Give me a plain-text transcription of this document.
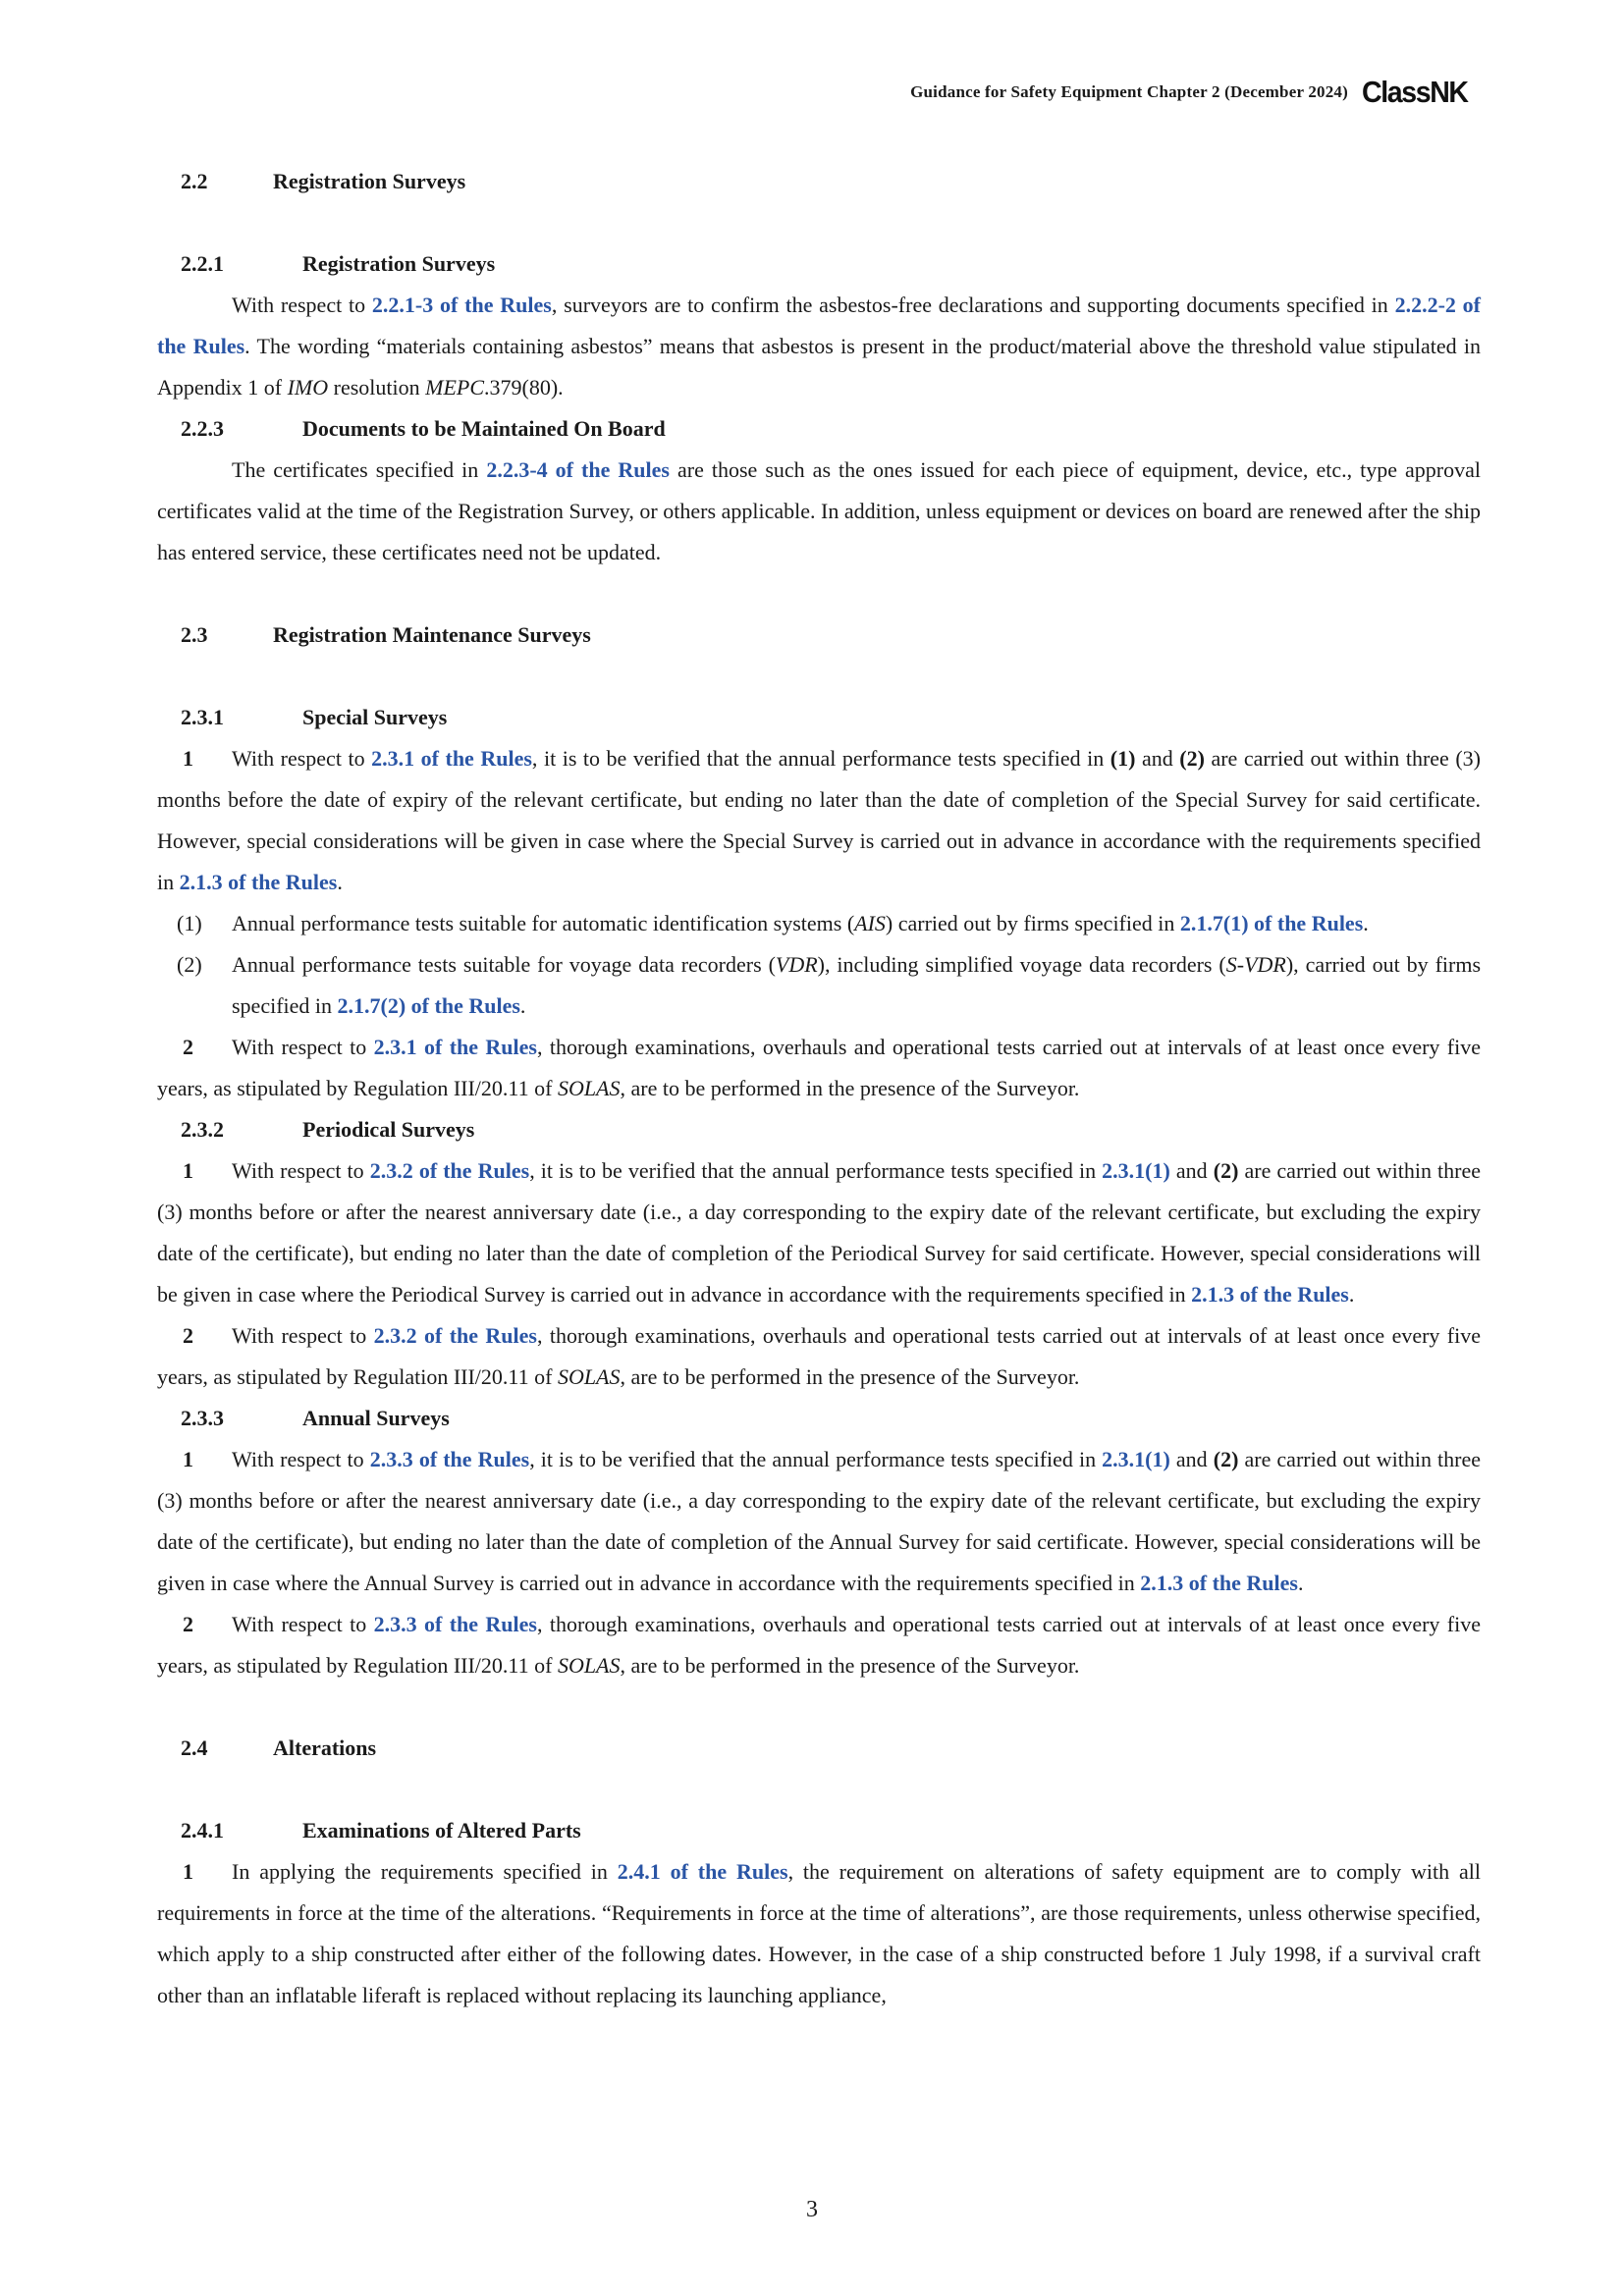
Guidance for Safety Equipment Chapter 2 (December 2024) ClassNK
2.2	Registration Surveys
2.2.1	Registration Surveys
With respect to 2.2.1-3 of the Rules, surveyors are to confirm the asbestos-free declarations and supporting documents specified in 2.2.2-2 of the Rules. The wording “materials containing asbestos” means that asbestos is present in the product/material above the threshold value stipulated in Appendix 1 of IMO resolution MEPC.379(80).
2.2.3	Documents to be Maintained On Board
The certificates specified in 2.2.3-4 of the Rules are those such as the ones issued for each piece of equipment, device, etc., type approval certificates valid at the time of the Registration Survey, or others applicable. In addition, unless equipment or devices on board are renewed after the ship has entered service, these certificates need not be updated.
2.3	Registration Maintenance Surveys
2.3.1	Special Surveys
1 With respect to 2.3.1 of the Rules, it is to be verified that the annual performance tests specified in (1) and (2) are carried out within three (3) months before the date of expiry of the relevant certificate, but ending no later than the date of completion of the Special Survey for said certificate. However, special considerations will be given in case where the Special Survey is carried out in advance in accordance with the requirements specified in 2.1.3 of the Rules.
(1)	Annual performance tests suitable for automatic identification systems (AIS) carried out by firms specified in 2.1.7(1) of the Rules.
(2)	Annual performance tests suitable for voyage data recorders (VDR), including simplified voyage data recorders (S-VDR), carried out by firms specified in 2.1.7(2) of the Rules.
2 With respect to 2.3.1 of the Rules, thorough examinations, overhauls and operational tests carried out at intervals of at least once every five years, as stipulated by Regulation III/20.11 of SOLAS, are to be performed in the presence of the Surveyor.
2.3.2	Periodical Surveys
1 With respect to 2.3.2 of the Rules, it is to be verified that the annual performance tests specified in 2.3.1(1) and (2) are carried out within three (3) months before or after the nearest anniversary date (i.e., a day corresponding to the expiry date of the relevant certificate, but excluding the expiry date of the certificate), but ending no later than the date of completion of the Periodical Survey for said certificate. However, special considerations will be given in case where the Periodical Survey is carried out in advance in accordance with the requirements specified in 2.1.3 of the Rules.
2 With respect to 2.3.2 of the Rules, thorough examinations, overhauls and operational tests carried out at intervals of at least once every five years, as stipulated by Regulation III/20.11 of SOLAS, are to be performed in the presence of the Surveyor.
2.3.3	Annual Surveys
1 With respect to 2.3.3 of the Rules, it is to be verified that the annual performance tests specified in 2.3.1(1) and (2) are carried out within three (3) months before or after the nearest anniversary date (i.e., a day corresponding to the expiry date of the relevant certificate, but excluding the expiry date of the certificate), but ending no later than the date of completion of the Annual Survey for said certificate. However, special considerations will be given in case where the Annual Survey is carried out in advance in accordance with the requirements specified in 2.1.3 of the Rules.
2 With respect to 2.3.3 of the Rules, thorough examinations, overhauls and operational tests carried out at intervals of at least once every five years, as stipulated by Regulation III/20.11 of SOLAS, are to be performed in the presence of the Surveyor.
2.4	Alterations
2.4.1	Examinations of Altered Parts
1 In applying the requirements specified in 2.4.1 of the Rules, the requirement on alterations of safety equipment are to comply with all requirements in force at the time of the alterations. “Requirements in force at the time of alterations”, are those requirements, unless otherwise specified, which apply to a ship constructed after either of the following dates. However, in the case of a ship constructed before 1 July 1998, if a survival craft other than an inflatable liferaft is replaced without replacing its launching appliance,
3
